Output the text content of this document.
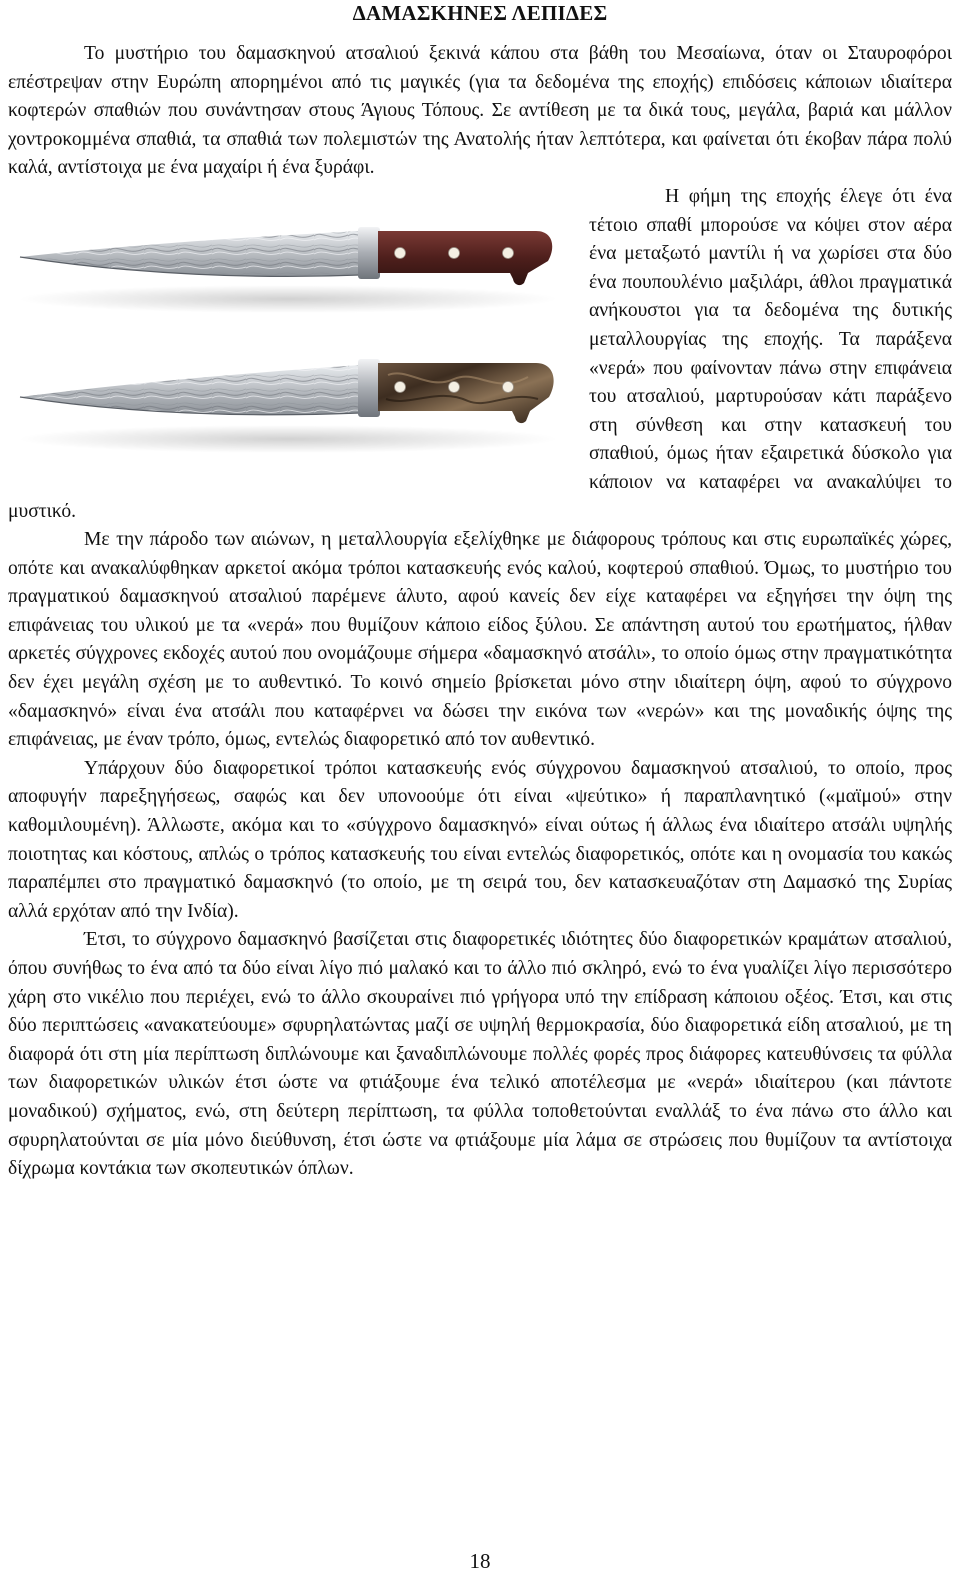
ΔΑΜΑΣΚΗΝΕΣ ΛΕΠΙΔΕΣ

Το μυστήριο του δαμασκηνού ατσαλιού ξεκινά κάπου στα βάθη του Μεσαίωνα, όταν οι Σταυροφόροι επέστρεψαν στην Ευρώπη απορημένοι από τις μαγικές (για τα δεδομένα της εποχής) επιδόσεις κάποιων ιδιαίτερα κοφτερών σπαθιών που συνάντησαν στους Άγιους Τόπους. Σε αντίθεση με τα δικά τους, μεγάλα, βαριά και μάλλον χοντροκομμένα σπαθιά, τα σπαθιά των πολεμιστών της Ανατολής ήταν λεπτότερα, και φαίνεται ότι έκοβαν πάρα πολύ καλά, αντίστοιχα με ένα μαχαίρι ή ένα ξυράφι.

Η φήμη της εποχής έλεγε ότι ένα τέτοιο σπαθί μπορούσε να κόψει στον αέρα ένα μεταξωτό μαντίλι ή να χωρίσει στα δύο ένα πουπουλένιο μαξιλάρι, άθλοι πραγματικά ανήκουστοι για τα δεδομένα της δυτικής μεταλλουργίας της εποχής. Τα παράξενα «νερά» που φαίνονταν πάνω στην επιφάνεια του ατσαλιού, μαρτυρούσαν κάτι παράξενο στη σύνθεση και στην κατασκευή του σπαθιού, όμως ήταν εξαιρετικά δύσκολο για κάποιον να καταφέρει να ανακαλύψει το μυστικό.

Με την πάροδο των αιώνων, η μεταλλουργία εξελίχθηκε με διάφορους τρόπους και στις ευρωπαϊκές χώρες, οπότε και ανακαλύφθηκαν αρκετοί ακόμα τρόποι κατασκευής ενός καλού, κοφτερού σπαθιού. Όμως, το μυστήριο του πραγματικού δαμασκηνού ατσαλιού παρέμενε άλυτο, αφού κανείς δεν είχε καταφέρει να εξηγήσει την όψη της επιφάνειας του υλικού με τα «νερά» που θυμίζουν κάποιο είδος ξύλου. Σε απάντηση αυτού του ερωτήματος, ήλθαν αρκετές σύγχρονες εκδοχές αυτού που ονομάζουμε σήμερα «δαμασκηνό ατσάλι», το οποίο όμως στην πραγματικότητα δεν έχει μεγάλη σχέση με το αυθεντικό. Το κοινό σημείο βρίσκεται μόνο στην ιδιαίτερη όψη, αφού το σύγχρονο «δαμασκηνό» είναι ένα ατσάλι που καταφέρνει να δώσει την εικόνα των «νερών» και της μοναδικής όψης της επιφάνειας, με έναν τρόπο, όμως, εντελώς διαφορετικό από τον αυθεντικό.

Υπάρχουν δύο διαφορετικοί τρόποι κατασκευής ενός σύγχρονου δαμασκηνού ατσαλιού, το οποίο, προς αποφυγήν παρεξηγήσεως, σαφώς και δεν υπονοούμε ότι είναι «ψεύτικο» ή παραπλανητικό («μαϊμού» στην καθομιλουμένη). Άλλωστε, ακόμα και το «σύγχρονο δαμασκηνό» είναι ούτως ή άλλως ένα ιδιαίτερο ατσάλι υψηλής ποιοτητας και κόστους, απλώς ο τρόπος κατασκευής του είναι εντελώς διαφορετικός, οπότε και η ονομασία του κακώς παραπέμπει στο πραγματικό δαμασκηνό (το οποίο, με τη σειρά του, δεν κατασκευαζόταν στη Δαμασκό της Συρίας αλλά ερχόταν από την Ινδία).

Έτσι, το σύγχρονο δαμασκηνό βασίζεται στις διαφορετικές ιδιότητες δύο διαφορετικών κραμάτων ατσαλιού, όπου συνήθως το ένα από τα δύο είναι λίγο πιό μαλακό και το άλλο πιό σκληρό, ενώ το ένα γυαλίζει λίγο περισσότερο χάρη στο νικέλιο που περιέχει, ενώ το άλλο σκουραίνει πιό γρήγορα υπό την επίδραση κάποιου οξέος. Έτσι, και στις δύο περιπτώσεις «ανακατεύουμε» σφυρηλατώντας μαζί σε υψηλή θερμοκρασία, δύο διαφορετικά είδη ατσαλιού, με τη διαφορά ότι στη μία περίπτωση διπλώνουμε και ξαναδιπλώνουμε πολλές φορές προς διάφορες κατευθύνσεις τα φύλλα των διαφορετικών υλικών έτσι ώστε να φτιάξουμε ένα τελικό αποτέλεσμα με «νερά» ιδιαίτερου (και πάντοτε μοναδικού) σχήματος, ενώ, στη δεύτερη περίπτωση, τα φύλλα τοποθετούνται εναλλάξ το ένα πάνω στο άλλο και σφυρηλατούνται σε μία μόνο διεύθυνση, έτσι ώστε να φτιάξουμε μία λάμα σε στρώσεις που θυμίζουν τα αντίστοιχα δίχρωμα κοντάκια των σκοπευτικών όπλων.

18
